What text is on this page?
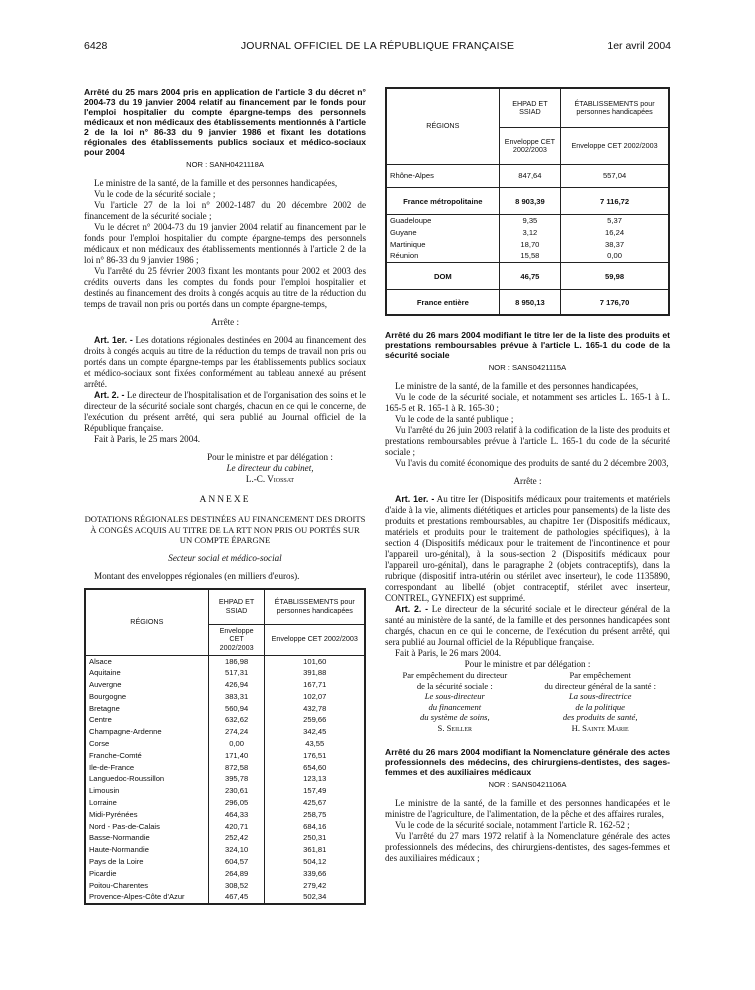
6428	JOURNAL OFFICIEL DE LA RÉPUBLIQUE FRANÇAISE	1er avril 2004

Arrêté du 25 mars 2004 pris en application de l'article 3 du décret n° 2004-73 du 19 janvier 2004 relatif au financement par le fonds pour l'emploi hospitalier du compte épargne-temps des personnels médicaux et non médicaux des établissements mentionnés à l'article 2 de la loi n° 86-33 du 9 janvier 1986 et fixant les dotations régionales des établissements publics sociaux et médico-sociaux pour 2004

NOR : SANH0421118A

Le ministre de la santé, de la famille et des personnes handicapées,

Vu le code de la sécurité sociale ;

Vu l'article 27 de la loi n° 2002-1487 du 20 décembre 2002 de financement de la sécurité sociale ;

Vu le décret n° 2004-73 du 19 janvier 2004 relatif au financement par le fonds pour l'emploi hospitalier du compte épargne-temps des personnels médicaux et non médicaux des établissements mentionnés à l'article 2 de la loi n° 86-33 du 9 janvier 1986 ;

Vu l'arrêté du 25 février 2003 fixant les montants pour 2002 et 2003 des crédits ouverts dans les comptes du fonds pour l'emploi hospitalier et destinés au financement des droits à congés acquis au titre de la réduction du temps de travail non pris ou portés dans un compte épargne-temps,

Arrête :

Art. 1er. - Les dotations régionales destinées en 2004 au financement des droits à congés acquis au titre de la réduction du temps de travail non pris ou portés dans un compte épargne-temps par les établissements publics sociaux et médico-sociaux sont fixées conformément au tableau annexé au présent arrêté.

Art. 2. - Le directeur de l'hospitalisation et de l'organisation des soins et le directeur de la sécurité sociale sont chargés, chacun en ce qui le concerne, de l'exécution du présent arrêté, qui sera publié au Journal officiel de la République française.

Fait à Paris, le 25 mars 2004.

Pour le ministre et par délégation :

Le directeur du cabinet,

L.-C. Viossat

ANNEXE
DOTATIONS RÉGIONALES DESTINÉES AU FINANCEMENT DES DROITS À CONGÉS ACQUIS AU TITRE DE LA RTT NON PRIS OU PORTÉS SUR UN COMPTE ÉPARGNE

Secteur social et médico-social

Montant des enveloppes régionales (en milliers d'euros).

RÉGIONS	EHPAD ET SSIAD	ÉTABLISSEMENTS pour personnes handicapées
	Enveloppe CET 2002/2003	Enveloppe CET 2002/2003
Alsace	186,98	101,60
Aquitaine	517,31	391,88
Auvergne	426,94	167,71
Bourgogne	383,31	102,07
Bretagne	560,94	432,78
Centre	632,62	259,66
Champagne-Ardenne	274,24	342,45
Corse	0,00	43,55
Franche-Comté	171,40	176,51
Ile-de-France	872,58	654,60
Languedoc-Roussillon	395,78	123,13
Limousin	230,61	157,49
Lorraine	296,05	425,67
Midi-Pyrénées	464,33	258,75
Nord - Pas-de-Calais	420,71	684,16
Basse-Normandie	252,42	250,31
Haute-Normandie	324,10	361,81
Pays de la Loire	604,57	504,12
Picardie	264,89	339,66
Poitou-Charentes	308,52	279,42
Provence-Alpes-Côte d'Azur	467,45	502,34
RÉGIONS	EHPAD ET SSIAD	ÉTABLISSEMENTS pour personnes handicapées
	Enveloppe CET 2002/2003	Enveloppe CET 2002/2003
Rhône-Alpes	847,64	557,04
France métropolitaine	8 903,39	7 116,72
Guadeloupe	9,35	5,37
Guyane	3,12	16,24
Martinique	18,70	38,37
Réunion	15,58	0,00
DOM	46,75	59,98
France entière	8 950,13	7 176,70

Arrêté du 26 mars 2004 modifiant le titre Ier de la liste des produits et prestations remboursables prévue à l'article L. 165-1 du code de la sécurité sociale

NOR : SANS0421115A

Le ministre de la santé, de la famille et des personnes handicapées,

Vu le code de la sécurité sociale, et notamment ses articles L. 165-1 à L. 165-5 et R. 165-1 à R. 165-30 ;

Vu le code de la santé publique ;

Vu l'arrêté du 26 juin 2003 relatif à la codification de la liste des produits et prestations remboursables prévue à l'article L. 165-1 du code de la sécurité sociale ;

Vu l'avis du comité économique des produits de santé du 2 décembre 2003,

Arrête :

Art. 1er. - Au titre Ier (Dispositifs médicaux pour traitements et matériels d'aide à la vie, aliments diététiques et articles pour pansements) de la liste des produits et prestations remboursables, au chapitre 1er (Dispositifs médicaux, matériels et produits pour le traitement de pathologies spécifiques), à la section 4 (Dispositifs médicaux pour le traitement de l'incontinence et pour l'appareil uro-génital), à la sous-section 2 (Dispositifs médicaux pour l'appareil uro-génital), dans le paragraphe 2 (objets contraceptifs), dans la rubrique (dispositif intra-utérin ou stérilet avec inserteur), le code 1135890, correspondant au libellé (objet contraceptif, stérilet avec inserteur, CONTREL, GYNEFIX) est supprimé.

Art. 2. - Le directeur de la sécurité sociale et le directeur général de la santé au ministère de la santé, de la famille et des personnes handicapées sont chargés, chacun en ce qui le concerne, de l'exécution du présent arrêté, qui sera publié au Journal officiel de la République française.

Fait à Paris, le 26 mars 2004.

Pour le ministre et par délégation :

Par empêchement du directeur
de la sécurité sociale :
Le sous-directeur
du financement
du système de soins,
S. Seiller
Par empêchement
du directeur général de la santé :
La sous-directrice
de la politique
des produits de santé,
H. Sainte Marie

Arrêté du 26 mars 2004 modifiant la Nomenclature générale des actes professionnels des médecins, des chirurgiens-dentistes, des sages-femmes et des auxiliaires médicaux

NOR : SANS0421106A

Le ministre de la santé, de la famille et des personnes handicapées et le ministre de l'agriculture, de l'alimentation, de la pêche et des affaires rurales,

Vu le code de la sécurité sociale, notamment l'article R. 162-52 ;

Vu l'arrêté du 27 mars 1972 relatif à la Nomenclature générale des actes professionnels des médecins, des chirurgiens-dentistes, des sages-femmes et des auxiliaires médicaux ;
